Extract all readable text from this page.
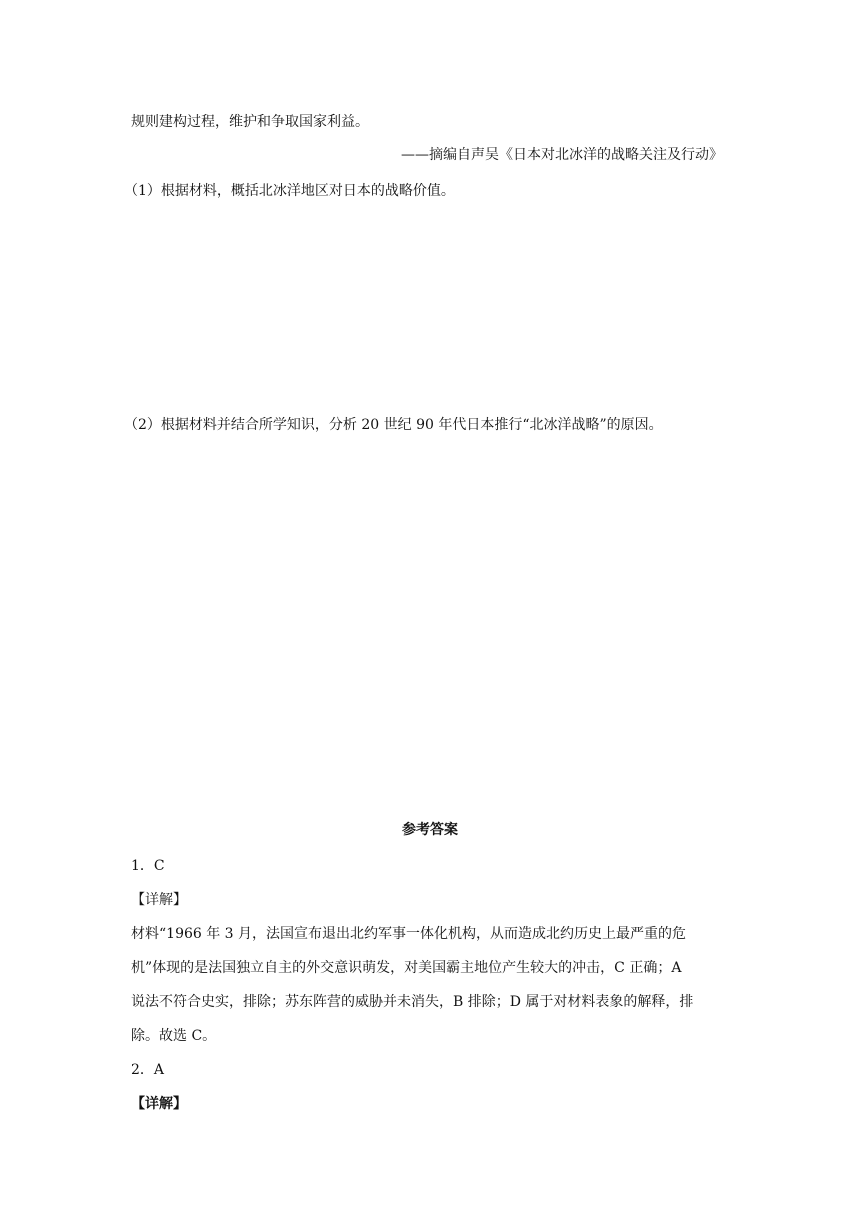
规则建构过程，维护和争取国家利益。
——摘编自声吴《日本对北冰洋的战略关注及行动》
（1）根据材料，概括北冰洋地区对日本的战略价值。
（2）根据材料并结合所学知识，分析 20 世纪 90 年代日本推行“北冰洋战略”的原因。
参考答案
1．C
【详解】
材料“1966 年 3 月，法国宣布退出北约军事一体化机构，从而造成北约历史上最严重的危
机”体现的是法国独立自主的外交意识萌发，对美国霸主地位产生较大的冲击，C 正确；A
说法不符合史实，排除；苏东阵营的威胁并未消失，B 排除；D 属于对材料表象的解释，排
除。故选 C。
2．A
【详解】
